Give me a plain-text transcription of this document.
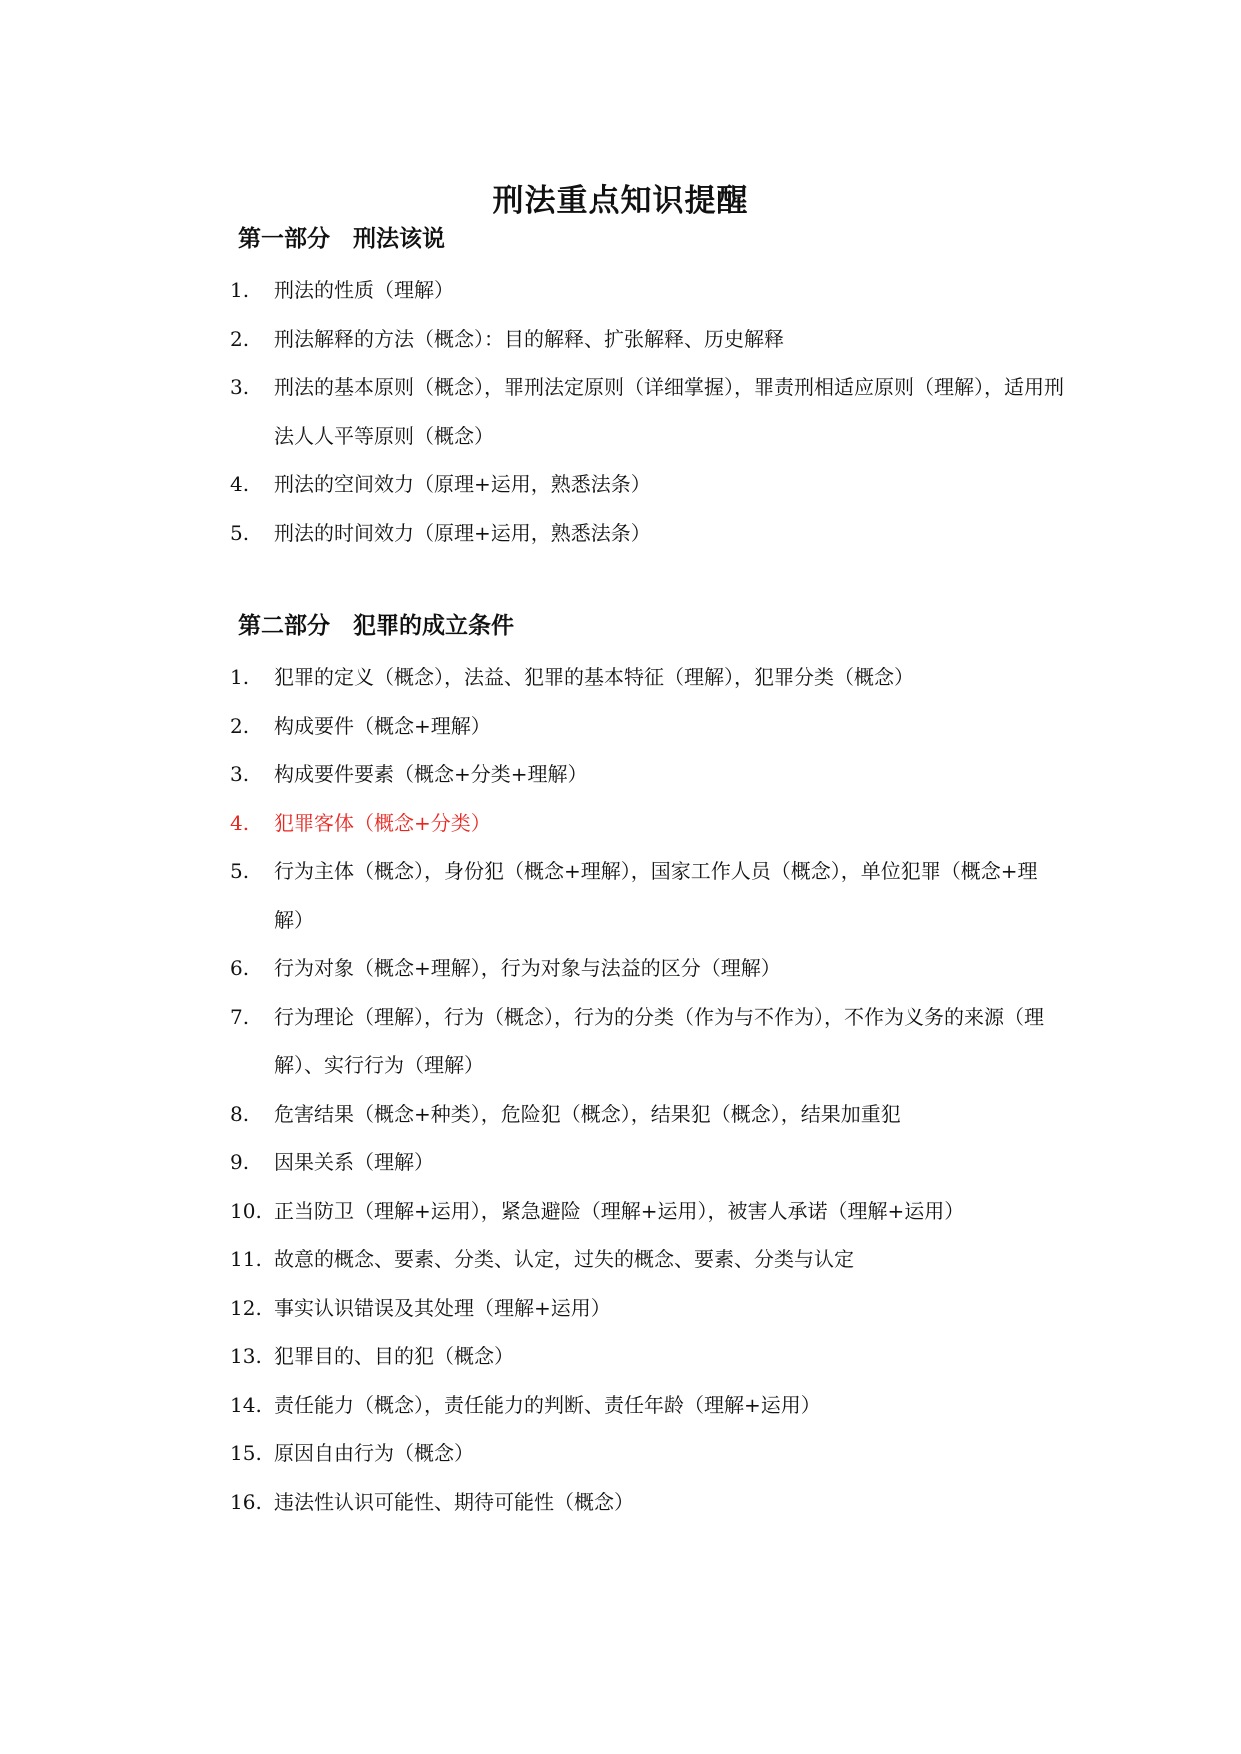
刑法重点知识提醒
第一部分　刑法该说
1.	刑法的性质（理解）
2.	刑法解释的方法（概念）：目的解释、扩张解释、历史解释
3.	刑法的基本原则（概念），罪刑法定原则（详细掌握），罪责刑相适应原则（理解），适用刑法人人平等原则（概念）
4.	刑法的空间效力（原理+运用，熟悉法条）
5.	刑法的时间效力（原理+运用，熟悉法条）
第二部分　犯罪的成立条件
1.	犯罪的定义（概念），法益、犯罪的基本特征（理解），犯罪分类（概念）
2.	构成要件（概念+理解）
3.	构成要件要素（概念+分类+理解）
4.	犯罪客体（概念+分类）
5.	行为主体（概念），身份犯（概念+理解），国家工作人员（概念），单位犯罪（概念+理解）
6.	行为对象（概念+理解），行为对象与法益的区分（理解）
7.	行为理论（理解），行为（概念），行为的分类（作为与不作为），不作为义务的来源（理解）、实行行为（理解）
8.	危害结果（概念+种类），危险犯（概念），结果犯（概念），结果加重犯
9.	因果关系（理解）
10. 正当防卫（理解+运用），紧急避险（理解+运用），被害人承诺（理解+运用）
11. 故意的概念、要素、分类、认定，过失的概念、要素、分类与认定
12. 事实认识错误及其处理（理解+运用）
13. 犯罪目的、目的犯（概念）
14. 责任能力（概念），责任能力的判断、责任年龄（理解+运用）
15. 原因自由行为（概念）
16. 违法性认识可能性、期待可能性（概念）
